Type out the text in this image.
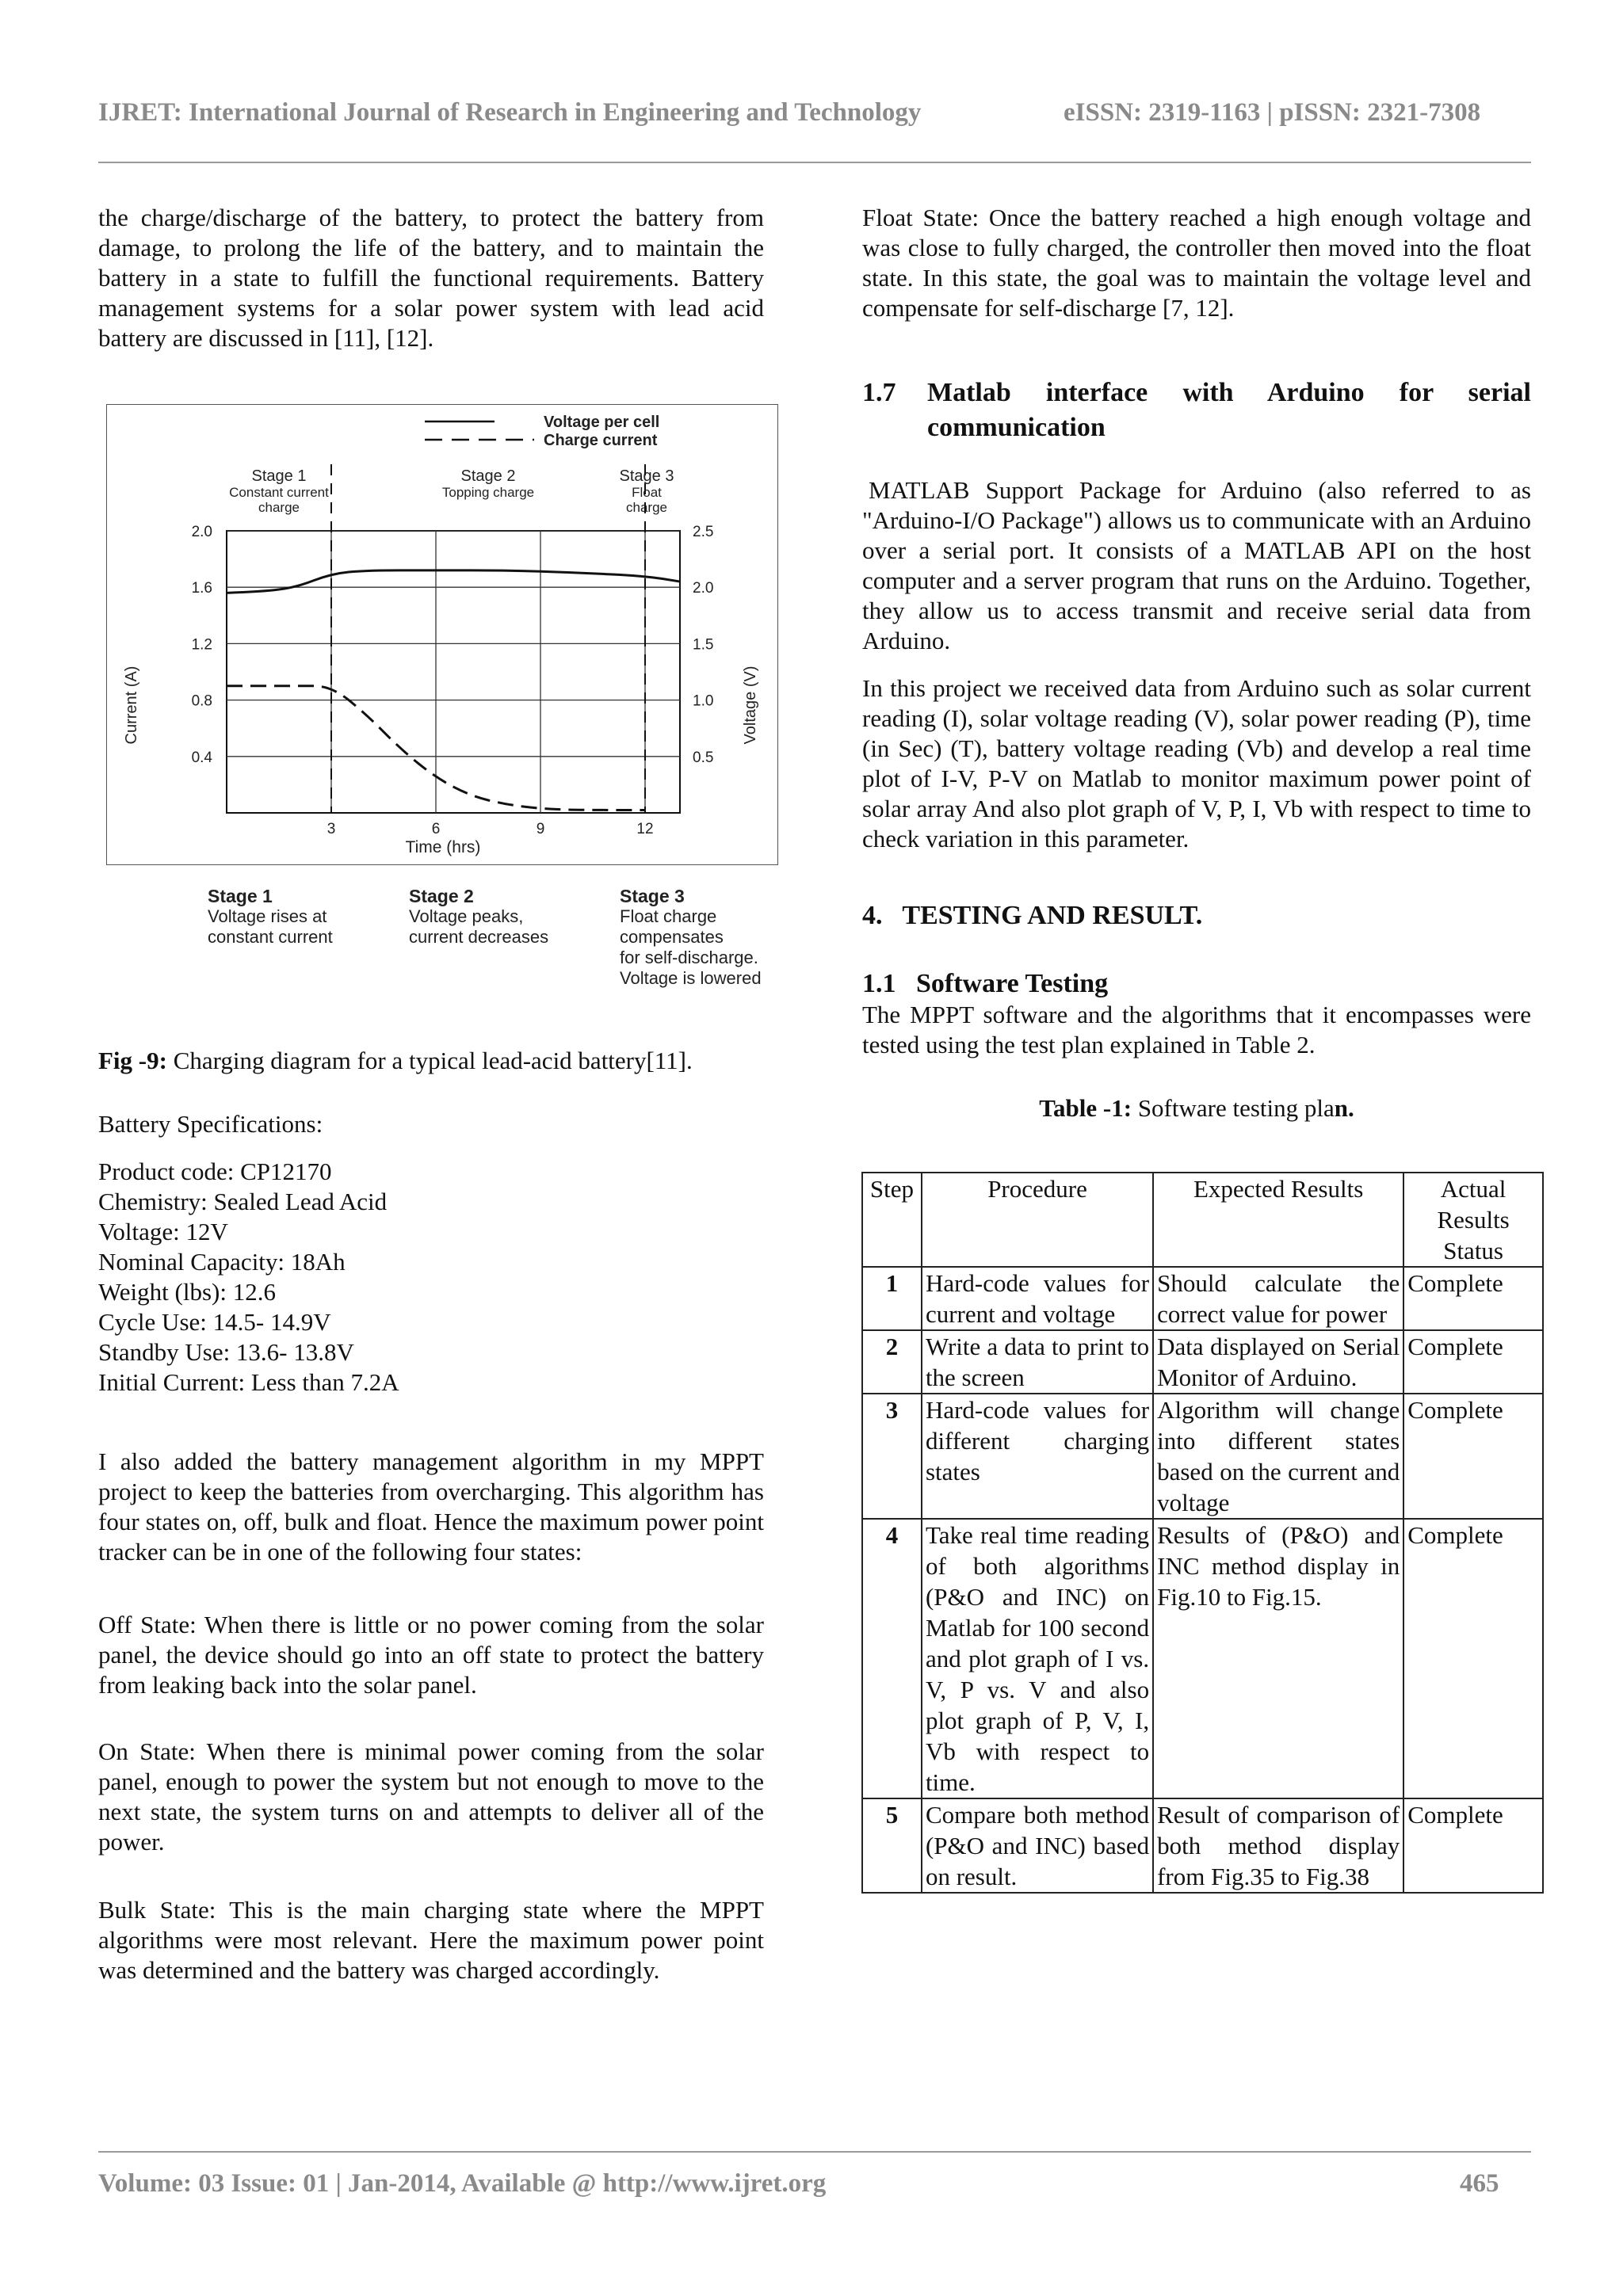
IJRET: International Journal of Research in Engineering and Technology	eISSN: 2319-1163 | pISSN: 2321-7308

the charge/discharge of the battery, to protect the battery from damage, to prolong the life of the battery, and to maintain the battery in a state to fulfill the functional requirements. Battery management systems for a solar power system with lead acid battery are discussed in [11], [12].

Voltage per cell
Charge current
Stage 1
Constant current
charge
Stage 2
Topping charge
Stage 3
Float
charge
Current (A)	Voltage (V)
Time (hrs)
0.4
0.8
1.2
1.6
2.0
0.5
1.0
1.5
2.0
2.5
3	6	9	12
Stage 1
Voltage rises at
constant current
Stage 2
Voltage peaks,
current decreases
Stage 3
Float charge
compensates
for self-discharge.
Voltage is lowered

Fig -9: Charging diagram for a typical lead-acid battery[11].

Battery Specifications:

Product code: CP12170
Chemistry: Sealed Lead Acid
Voltage: 12V
Nominal Capacity: 18Ah
Weight (lbs): 12.6
Cycle Use: 14.5- 14.9V
Standby Use: 13.6- 13.8V
Initial Current: Less than 7.2A

I also added the battery management algorithm in my MPPT project to keep the batteries from overcharging. This algorithm has four states on, off, bulk and float. Hence the maximum power point tracker can be in one of the following four states:

Off State: When there is little or no power coming from the solar panel, the device should go into an off state to protect the battery from leaking back into the solar panel.

On State: When there is minimal power coming from the solar panel, enough to power the system but not enough to move to the next state, the system turns on and attempts to deliver all of the power.

Bulk State: This is the main charging state where the MPPT algorithms were most relevant. Here the maximum power point was determined and the battery was charged accordingly.

Float State: Once the battery reached a high enough voltage and was close to fully charged, the controller then moved into the float state. In this state, the goal was to maintain the voltage level and compensate for self-discharge [7, 12].

1.7	Matlab interface with Arduino for serial communication

MATLAB Support Package for Arduino (also referred to as "Arduino-I/O Package") allows us to communicate with an Arduino over a serial port. It consists of a MATLAB API on the host computer and a server program that runs on the Arduino. Together, they allow us to access transmit and receive serial data from Arduino.

In this project we received data from Arduino such as solar current reading (I), solar voltage reading (V), solar power reading (P), time (in Sec) (T), battery voltage reading (Vb) and develop a real time plot of I-V, P-V on Matlab to monitor maximum power point of solar array And also plot graph of V, P, I, Vb with respect to time to check variation in this parameter.

4.   TESTING AND RESULT.
1.1   Software Testing

The MPPT software and the algorithms that it encompasses were tested using the test plan explained in Table 2.

Table -1: Software testing plan.
Step	Procedure	Expected Results	Actual Results Status
1	Hard-code values for current and voltage	Should calculate the correct value for power	Complete
2	Write a data to print to the screen	Data displayed on Serial Monitor of Arduino.	Complete
3	Hard-code values for different charging states	Algorithm will change into different states based on the current and voltage	Complete
4	Take real time reading of both algorithms (P&O and INC) on Matlab for 100 second and plot graph of I vs. V, P vs. V and also plot graph of P, V, I, Vb with respect to time.	Results of (P&O) and INC method display in Fig.10 to Fig.15.	Complete
5	Compare both method (P&O and INC) based on result.	Result of comparison of both method display from Fig.35 to Fig.38	Complete
Volume: 03 Issue: 01 | Jan-2014, Available @ http://www.ijret.org	465
